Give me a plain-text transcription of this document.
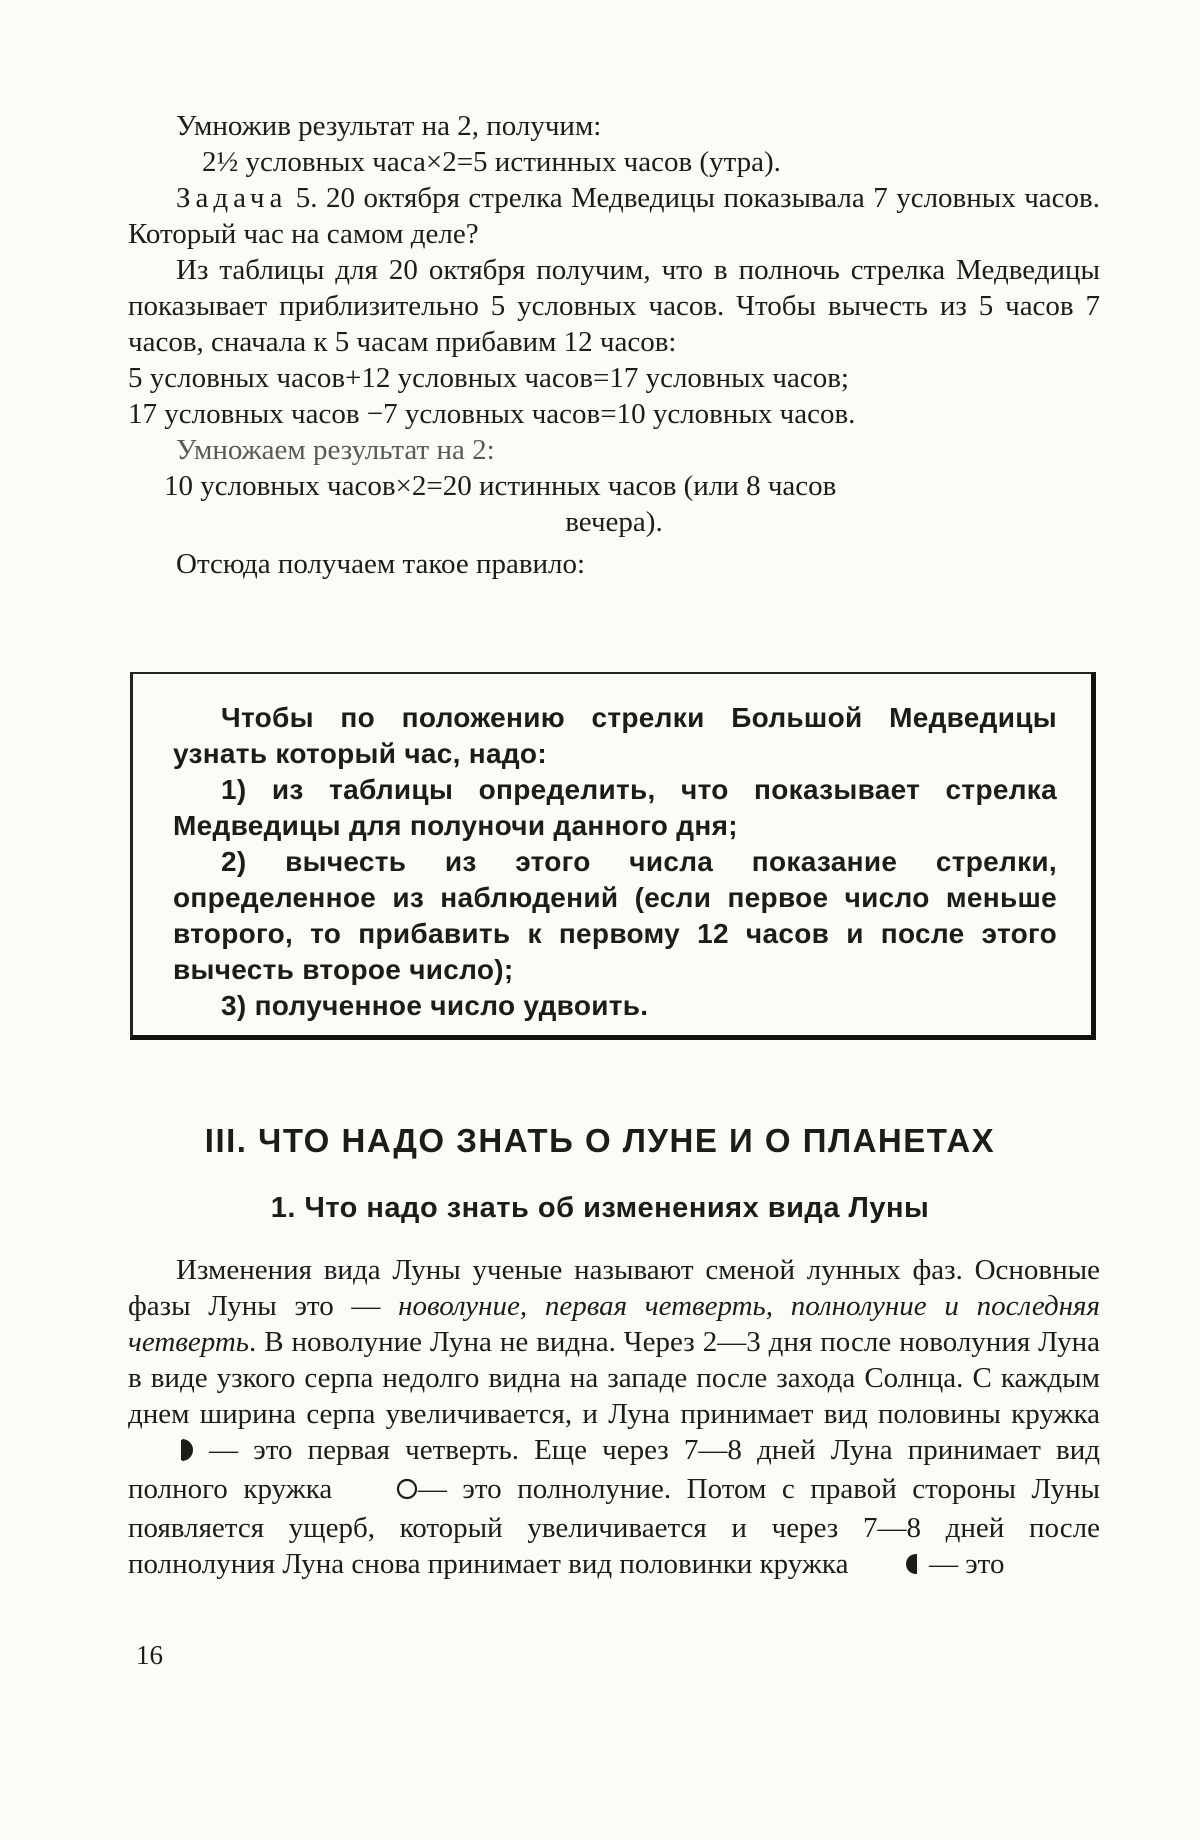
Умножив результат на 2, получим:

2½ условных часа×2=5 истинных часов (утра).

Задача 5. 20 октября стрелка Медведицы показывала 7 условных часов. Который час на самом деле?

Из таблицы для 20 октября получим, что в полночь стрелка Медведицы показывает приблизительно 5 условных часов. Чтобы вычесть из 5 часов 7 часов, сначала к 5 часам прибавим 12 часов:

5 условных часов+12 условных часов=17 условных часов;

17 условных часов −7 условных часов=10 условных часов.

Умножаем результат на 2:

10 условных часов×2=20 истинных часов (или 8 часов

вечера).

Отсюда получаем такое правило:

Чтобы по положению стрелки Большой Медведицы узнать который час, надо:

1) из таблицы определить, что показывает стрелка Медведицы для полуночи данного дня;

2) вычесть из этого числа показание стрелки, определенное из наблюдений (если первое число меньше второго, то прибавить к первому 12 часов и после этого вычесть второе число);

3) полученное число удвоить.

III. ЧТО НАДО ЗНАТЬ О ЛУНЕ И О ПЛАНЕТАХ
1. Что надо знать об изменениях вида Луны

Изменения вида Луны ученые называют сменой лунных фаз. Основные фазы Луны это — новолуние, первая четверть, полнолуние и последняя четверть. В новолуние Луна не видна. Через 2—3 дня после новолуния Луна в виде узкого серпа недолго видна на западе после захода Солнца. С каждым днем ширина серпа увеличивается, и Луна принимает вид половины кружка  — это первая четверть. Еще через 7—8 дней Луна принимает вид полного кружка — это полнолуние. Потом с правой стороны Луны появляется ущерб, который увеличивается и через 7—8 дней после полнолуния Луна снова принимает вид половинки кружка  — это

16
